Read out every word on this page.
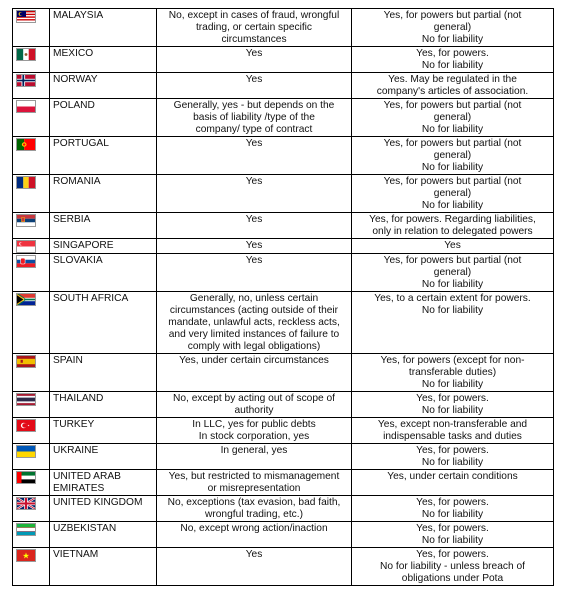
	MALAYSIA	No, except in cases of fraud, wrongful
trading, or certain specific
circumstances	Yes, for powers but partial (not
general)
No for liability

	MEXICO	Yes	Yes, for powers.
No for liability

	NORWAY	Yes	Yes. May be regulated in the
company's articles of association.

	POLAND	Generally, yes - but depends on the
basis of liability /type of the
company/ type of contract	Yes, for powers but partial (not
general)
No for liability

	PORTUGAL	Yes	Yes, for powers but partial (not
general)
No for liability

	ROMANIA	Yes	Yes, for powers but partial (not
general)
No for liability

	SERBIA	Yes	Yes, for powers. Regarding liabilities,
only in relation to delegated powers

	SINGAPORE	Yes	Yes

	SLOVAKIA	Yes	Yes, for powers but partial (not
general)
No for liability

	SOUTH AFRICA	Generally, no, unless certain
circumstances (acting outside of their
mandate, unlawful acts, reckless acts,
and very limited instances of failure to
comply with legal obligations)	Yes, to a certain extent for powers.
No for liability

	SPAIN	Yes, under certain circumstances	Yes, for powers (except for non-
transferable duties)
No for liability

	THAILAND	No, except by acting out of scope of
authority	Yes, for powers.
No for liability

	TURKEY	In LLC, yes for public debts
In stock corporation, yes	Yes, except non-transferable and
indispensable tasks and duties

	UKRAINE	In general, yes	Yes, for powers.
No for liability

	UNITED ARAB EMIRATES	Yes, but restricted to mismanagement
or misrepresentation	Yes, under certain conditions

	UNITED KINGDOM	No, exceptions (tax evasion, bad faith,
wrongful trading, etc.)	Yes, for powers.
No for liability

	UZBEKISTAN	No, except wrong action/inaction	Yes, for powers.
No for liability

	VIETNAM	Yes	Yes, for powers.
No for liability - unless breach of
obligations under Pota
